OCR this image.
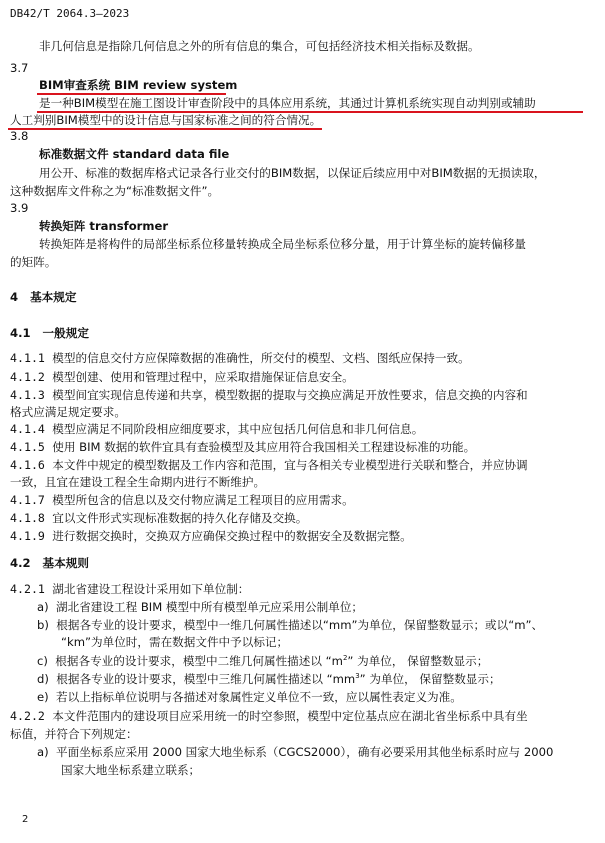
DB42/T 2064.3—2023
非几何信息是指除几何信息之外的所有信息的集合，可包括经济技术相关指标及数据。
3.7
BIM审查系统 BIM review system
是一种BIM模型在施工图设计审查阶段中的具体应用系统，其通过计算机系统实现自动判别或辅助
人工判别BIM模型中的设计信息与国家标准之间的符合情况。
3.8
标准数据文件 standard data file
用公开、标准的数据库格式记录各行业交付的BIM数据，以保证后续应用中对BIM数据的无损读取，
这种数据库文件称之为“标准数据文件”。
3.9
转换矩阵 transformer
转换矩阵是将构件的局部坐标系位移量转换成全局坐标系位移分量，用于计算坐标的旋转偏移量
的矩阵。
4 基本规定
4.1 一般规定
4.1.1 模型的信息交付方应保障数据的准确性，所交付的模型、文档、图纸应保持一致。
4.1.2 模型创建、使用和管理过程中，应采取措施保证信息安全。
4.1.3 模型间宜实现信息传递和共享，模型数据的提取与交换应满足开放性要求，信息交换的内容和
格式应满足规定要求。
4.1.4 模型应满足不同阶段相应细度要求，其中应包括几何信息和非几何信息。
4.1.5 使用 BIM 数据的软件宜具有查验模型及其应用符合我国相关工程建设标准的功能。
4.1.6 本文件中规定的模型数据及工作内容和范围，宜与各相关专业模型进行关联和整合，并应协调
一致，且宜在建设工程全生命期内进行不断维护。
4.1.7 模型所包含的信息以及交付物应满足工程项目的应用需求。
4.1.8 宜以文件形式实现标准数据的持久化存储及交换。
4.1.9 进行数据交换时，交换双方应确保交换过程中的数据安全及数据完整。
4.2 基本规则
4.2.1 湖北省建设工程设计采用如下单位制：
a) 湖北省建设工程 BIM 模型中所有模型单元应采用公制单位；
b) 根据各专业的设计要求，模型中一维几何属性描述以“mm”为单位，保留整数显示；或以“m”、
“km”为单位时，需在数据文件中予以标记；
c) 根据各专业的设计要求，模型中二维几何属性描述以 “$m^2$” 为单位， 保留整数显示；
d) 根据各专业的设计要求，模型中三维几何属性描述以 “$mm^3$” 为单位， 保留整数显示；
e) 若以上指标单位说明与各描述对象属性定义单位不一致，应以属性表定义为准。
4.2.2 本文件范围内的建设项目应采用统一的时空参照，模型中定位基点应在湖北省坐标系中具有坐
标值，并符合下列规定：
a) 平面坐标系应采用 2000 国家大地坐标系（CGCS2000），确有必要采用其他坐标系时应与 2000
国家大地坐标系建立联系；
2
